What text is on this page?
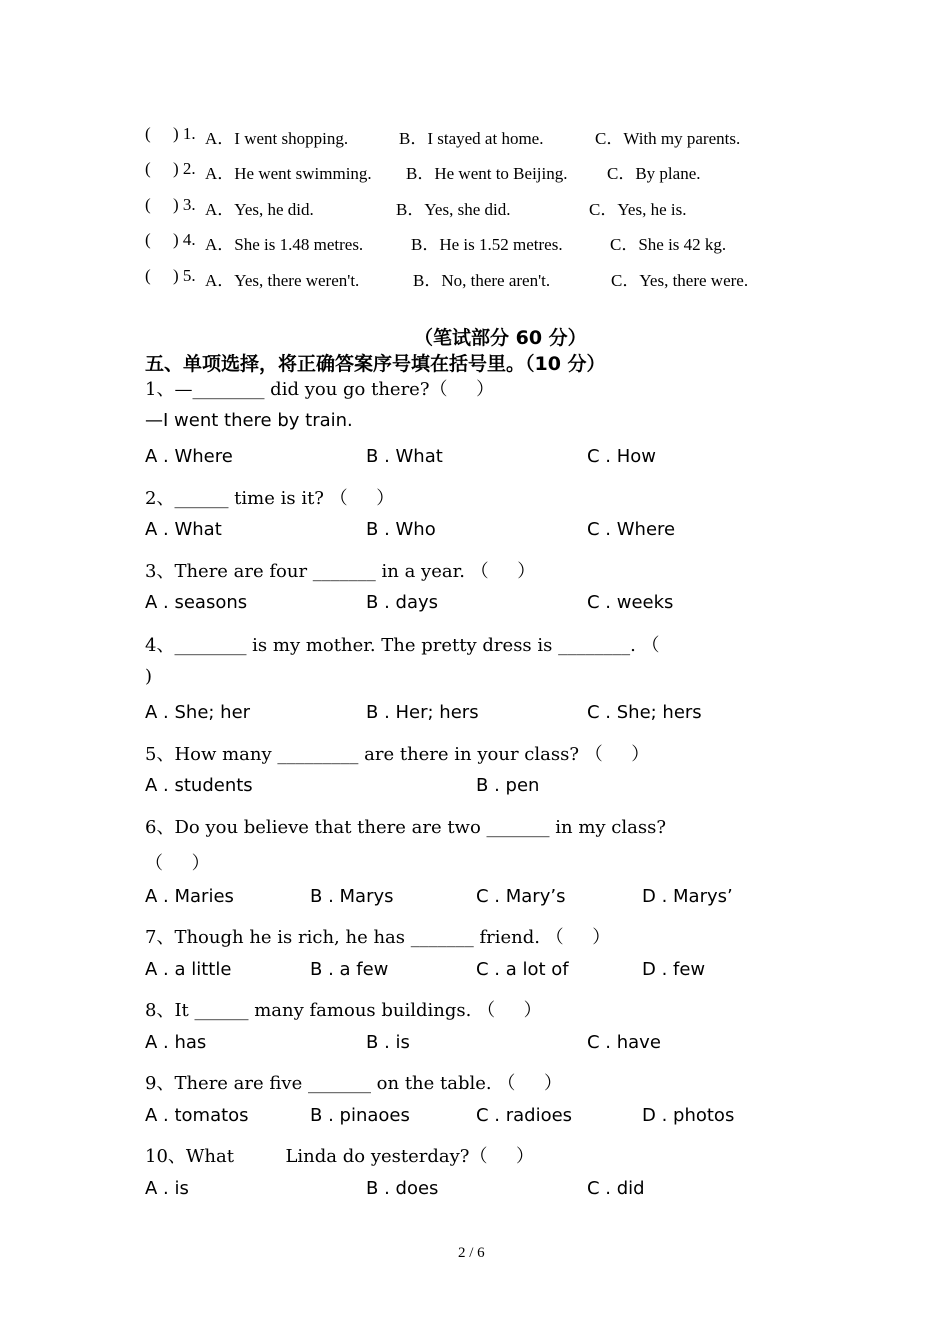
( ) 1. A．I went shopping.	B．I stayed at home.	C．With my parents.
( ) 2. A．He went swimming. B．He went to Beijing. C．By plane.
( ) 3. A．Yes, he did.	B．Yes, she did.	C．Yes, he is.
( ) 4. A．She is 1.48 metres.	B．He is 1.52 metres.	C．She is 42 kg.
( ) 5. A．Yes, there weren't.	B．No, there aren't.	C．Yes, there were.
（笔试部分 60 分）
五、单项选择，将正确答案序号填在括号里。（10 分）
1、—________ did you go there?（     ）
—I went there by train.
A . Where	B . What	C . How
2、______ time is it? （     ）
A . What	B . Who	C . Where
3、There are four _______ in a year. （     ）
A . seasons	B . days	C . weeks
4、________ is my mother. The pretty dress is ________. （
)
A . She; her	B . Her; hers	C . She; hers
5、How many _________ are there in your class? （     ）
A . students	B . pen
6、Do you believe that there are two _______ in my class?
（     ）
A . Maries	B . Marys	C . Mary’s	D . Marys’
7、Though he is rich, he has _______ friend. （     ）
A . a little	B . a few	C . a lot of	D . few
8、It ______ many famous buildings. （     ）
A . has	B . is	C . have
9、There are five _______ on the table. （     ）
A . tomatos	B . pinaoes	C . radioes	D . photos
10、What         Linda do yesterday?（     ）
A . is	B . does	C . did
2 / 6
